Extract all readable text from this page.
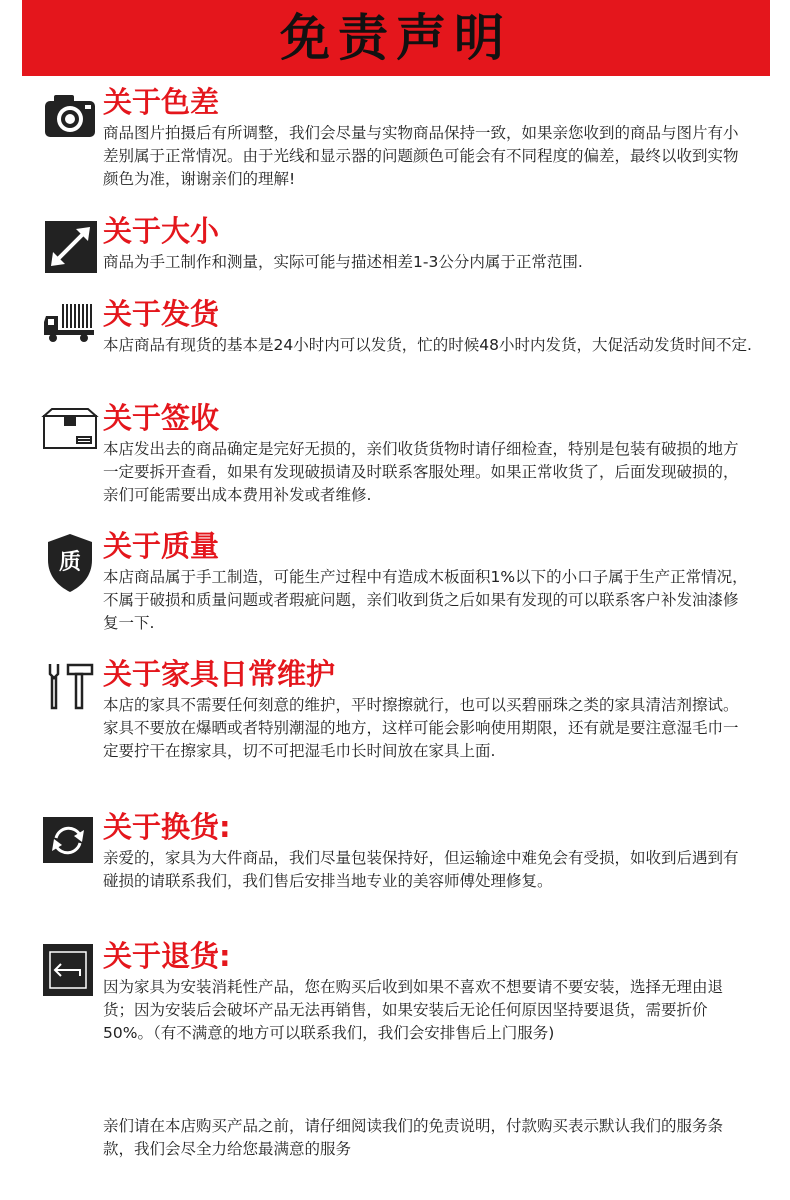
免责声明
关于色差
商品图片拍摄后有所调整，我们会尽量与实物商品保持一致，如果亲您收到的商品与图片有小差别属于正常情况。由于光线和显示器的问题颜色可能会有不同程度的偏差，最终以收到实物颜色为准，谢谢亲们的理解!
关于大小
商品为手工制作和测量，实际可能与描述相差1-3公分内属于正常范围.
关于发货
本店商品有现货的基本是24小时内可以发货，忙的时候48小时内发货，大促活动发货时间不定.
关于签收
本店发出去的商品确定是完好无损的，亲们收货货物时请仔细检查，特别是包装有破损的地方一定要拆开查看，如果有发现破损请及时联系客服处理。如果正常收货了，后面发现破损的，亲们可能需要出成本费用补发或者维修.
质 关于质量
本店商品属于手工制造，可能生产过程中有造成木板面积1%以下的小口子属于生产正常情况，不属于破损和质量问题或者瑕疵问题，亲们收到货之后如果有发现的可以联系客户补发油漆修复一下.
关于家具日常维护
本店的家具不需要任何刻意的维护，平时擦擦就行，也可以买碧丽珠之类的家具清洁剂擦试。家具不要放在爆晒或者特别潮湿的地方，这样可能会影响使用期限，还有就是要注意湿毛巾一定要拧干在擦家具，切不可把湿毛巾长时间放在家具上面.
关于换货:
亲爱的，家具为大件商品，我们尽量包装保持好，但运输途中难免会有受损，如收到后遇到有碰损的请联系我们，我们售后安排当地专业的美容师傅处理修复。
关于退货:
因为家具为安装消耗性产品，您在购买后收到如果不喜欢不想要请不要安装，选择无理由退货；因为安装后会破坏产品无法再销售，如果安装后无论任何原因坚持要退货，需要折价50%。（有不满意的地方可以联系我们，我们会安排售后上门服务)
亲们请在本店购买产品之前，请仔细阅读我们的免责说明，付款购买表示默认我们的服务条款，我们会尽全力给您最满意的服务
